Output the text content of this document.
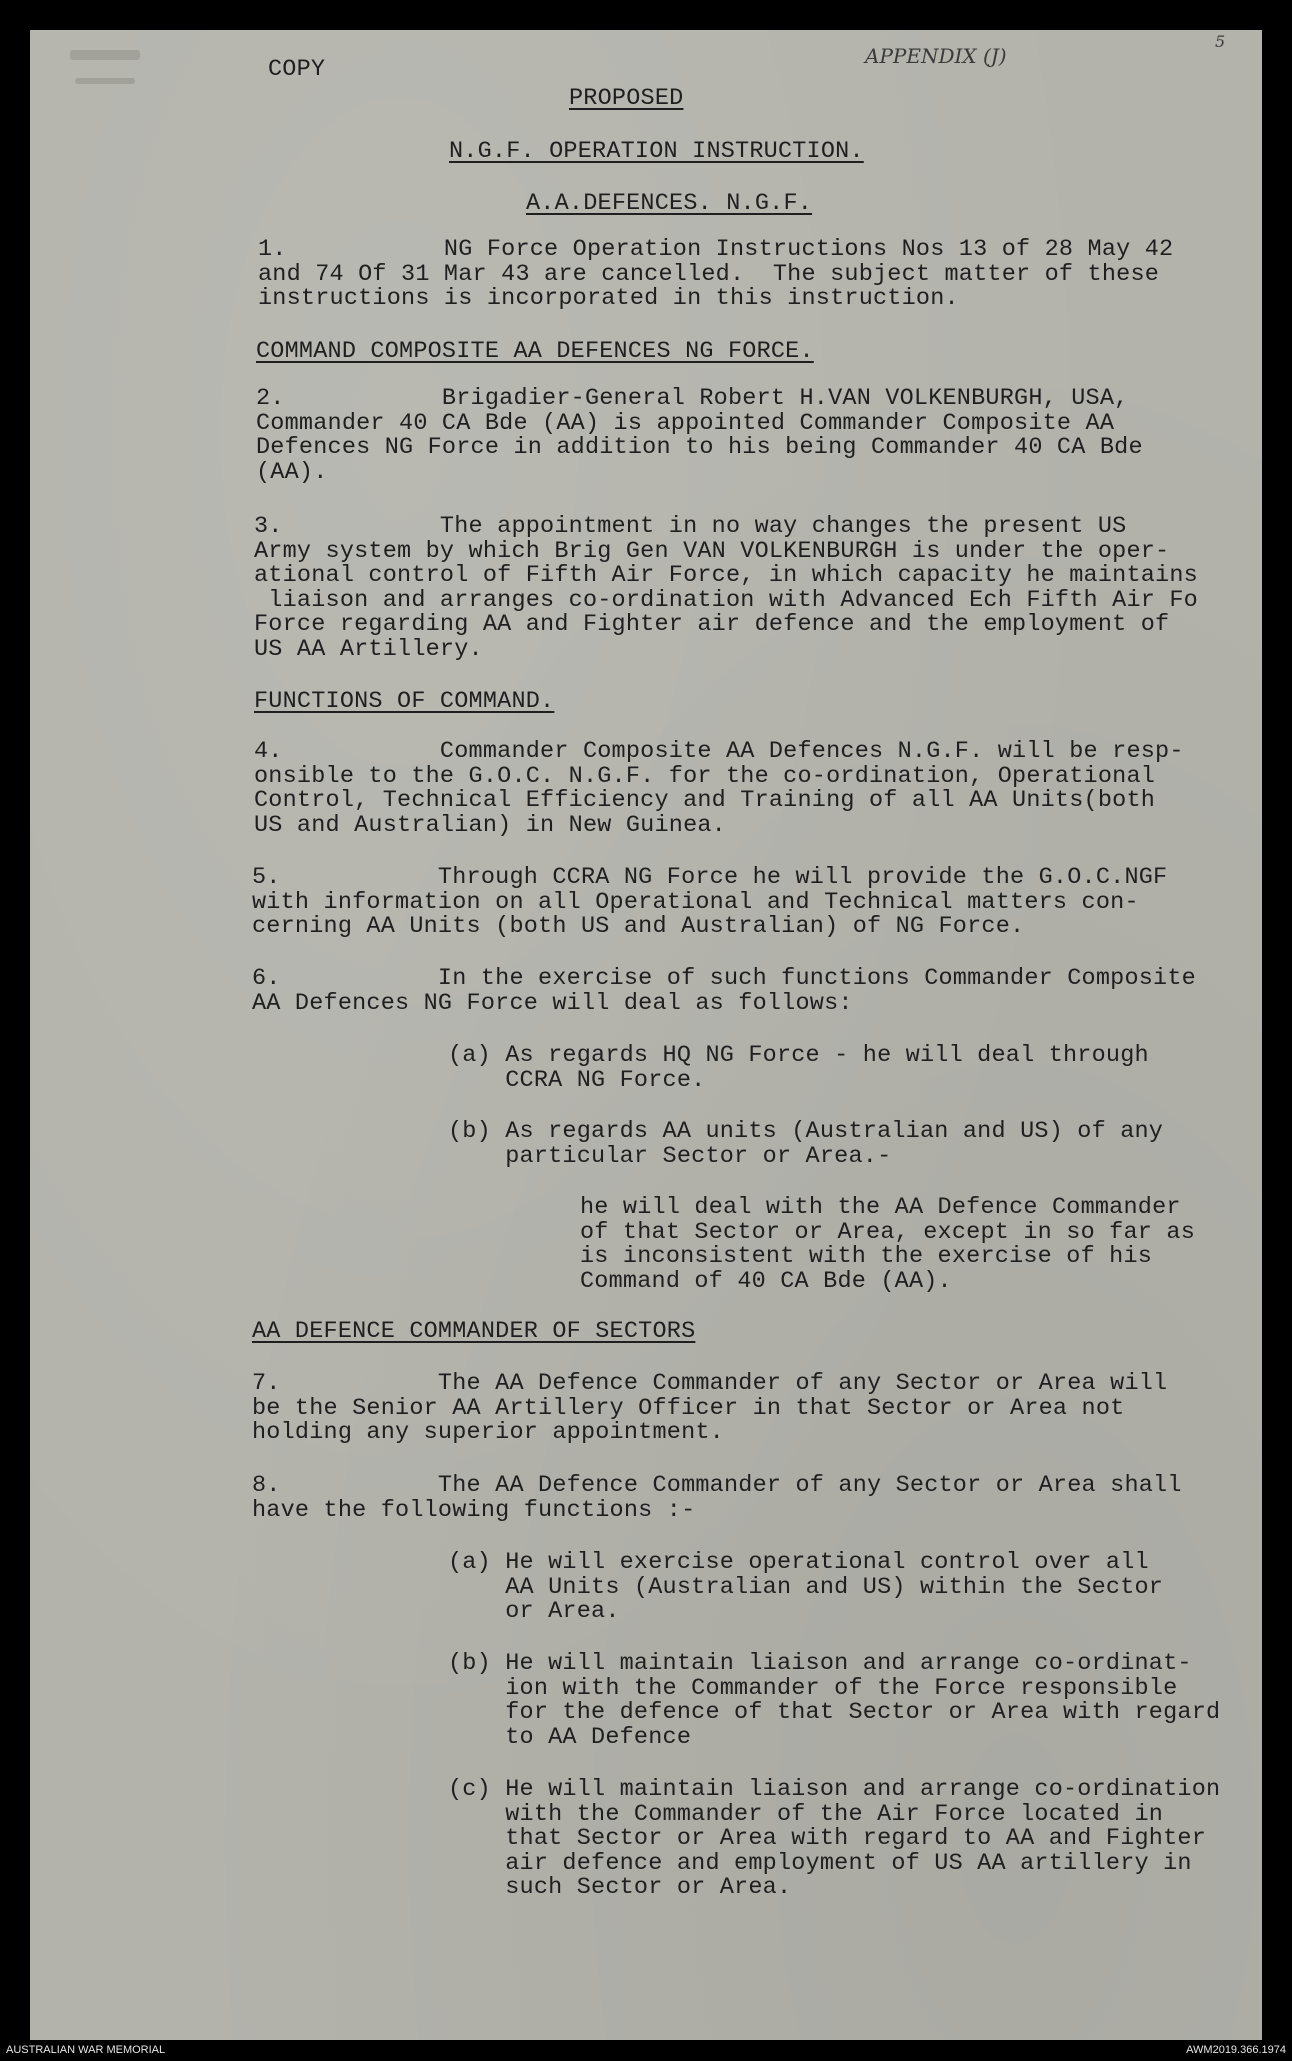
COPY	APPENDIX (J)
5
PROPOSED
N.G.F. OPERATION INSTRUCTION.
A.A.DEFENCES. N.G.F.
1.           NG Force Operation Instructions Nos 13 of 28 May 42
and 74 Of 31 Mar 43 are cancelled.  The subject matter of these
instructions is incorporated in this instruction.
COMMAND COMPOSITE AA DEFENCES NG FORCE.
2.           Brigadier-General Robert H.VAN VOLKENBURGH, USA,
Commander 40 CA Bde (AA) is appointed Commander Composite AA
Defences NG Force in addition to his being Commander 40 CA Bde
(AA).
3.           The appointment in no way changes the present US
Army system by which Brig Gen VAN VOLKENBURGH is under the oper-
ational control of Fifth Air Force, in which capacity he maintains
liaison and arranges co-ordination with Advanced Ech Fifth Air Fo
Force regarding AA and Fighter air defence and the employment of
US AA Artillery.
FUNCTIONS OF COMMAND.
4.           Commander Composite AA Defences N.G.F. will be resp-
onsible to the G.O.C. N.G.F. for the co-ordination, Operational
Control, Technical Efficiency and Training of all AA Units(both
US and Australian) in New Guinea.
5.           Through CCRA NG Force he will provide the G.O.C.NGF
with information on all Operational and Technical matters con-
cerning AA Units (both US and Australian) of NG Force.
6.           In the exercise of such functions Commander Composite
AA Defences NG Force will deal as follows:
(a) As regards HQ NG Force - he will deal through
CCRA NG Force.
(b) As regards AA units (Australian and US) of any
particular Sector or Area.-
he will deal with the AA Defence Commander
of that Sector or Area, except in so far as
is inconsistent with the exercise of his
Command of 40 CA Bde (AA).
AA DEFENCE COMMANDER OF SECTORS
7.           The AA Defence Commander of any Sector or Area will
be the Senior AA Artillery Officer in that Sector or Area not
holding any superior appointment.
8.           The AA Defence Commander of any Sector or Area shall
have the following functions :-
(a) He will exercise operational control over all
AA Units (Australian and US) within the Sector
or Area.
(b) He will maintain liaison and arrange co-ordinat-
ion with the Commander of the Force responsible
for the defence of that Sector or Area with regard
to AA Defence
(c) He will maintain liaison and arrange co-ordination
with the Commander of the Air Force located in
that Sector or Area with regard to AA and Fighter
air defence and employment of US AA artillery in
such Sector or Area.
AUSTRALIAN WAR MEMORIAL	AWM2019.366.1974
